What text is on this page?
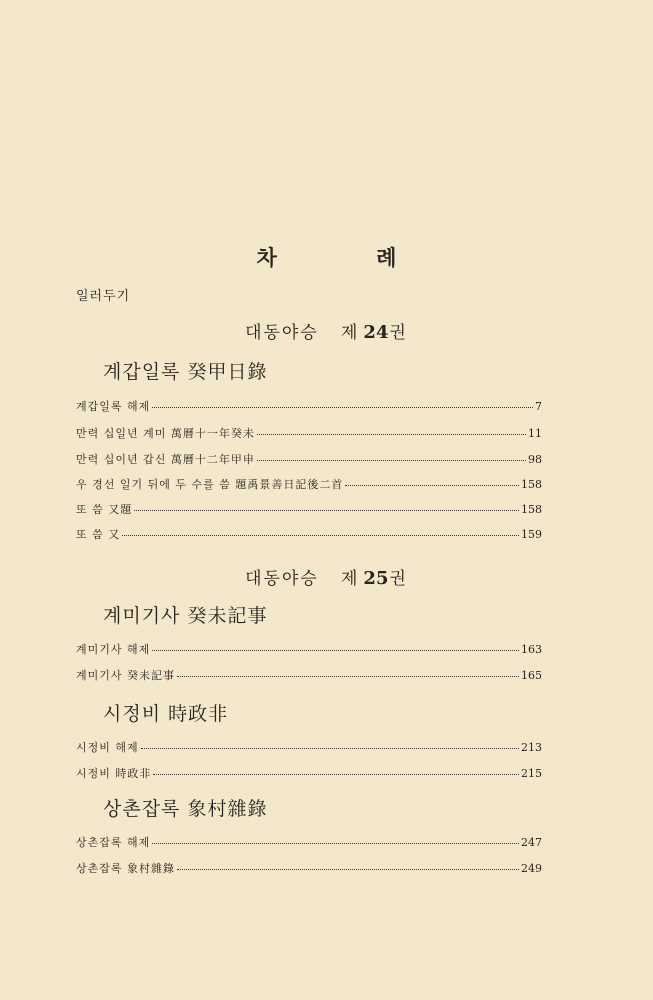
차 례
일러두기
대동야승 제 24권
계갑일록 癸甲日錄
계갑일록 해제	7
만력 십일년 계미 萬曆十一年癸未	11
만력 십이년 갑신 萬曆十二年甲申	98
우 경선 일기 뒤에 두 수를 씀 題禹景善日記後二首	158
또 씀 又題	158
또 씀 又	159
대동야승 제 25권
계미기사 癸未記事
계미기사 해제	163
계미기사 癸未記事	165
시정비 時政非
시정비 해제	213
시정비 時政非	215
상촌잡록 象村雜錄
상촌잡록 해제	247
상촌잡록 象村雜錄	249
